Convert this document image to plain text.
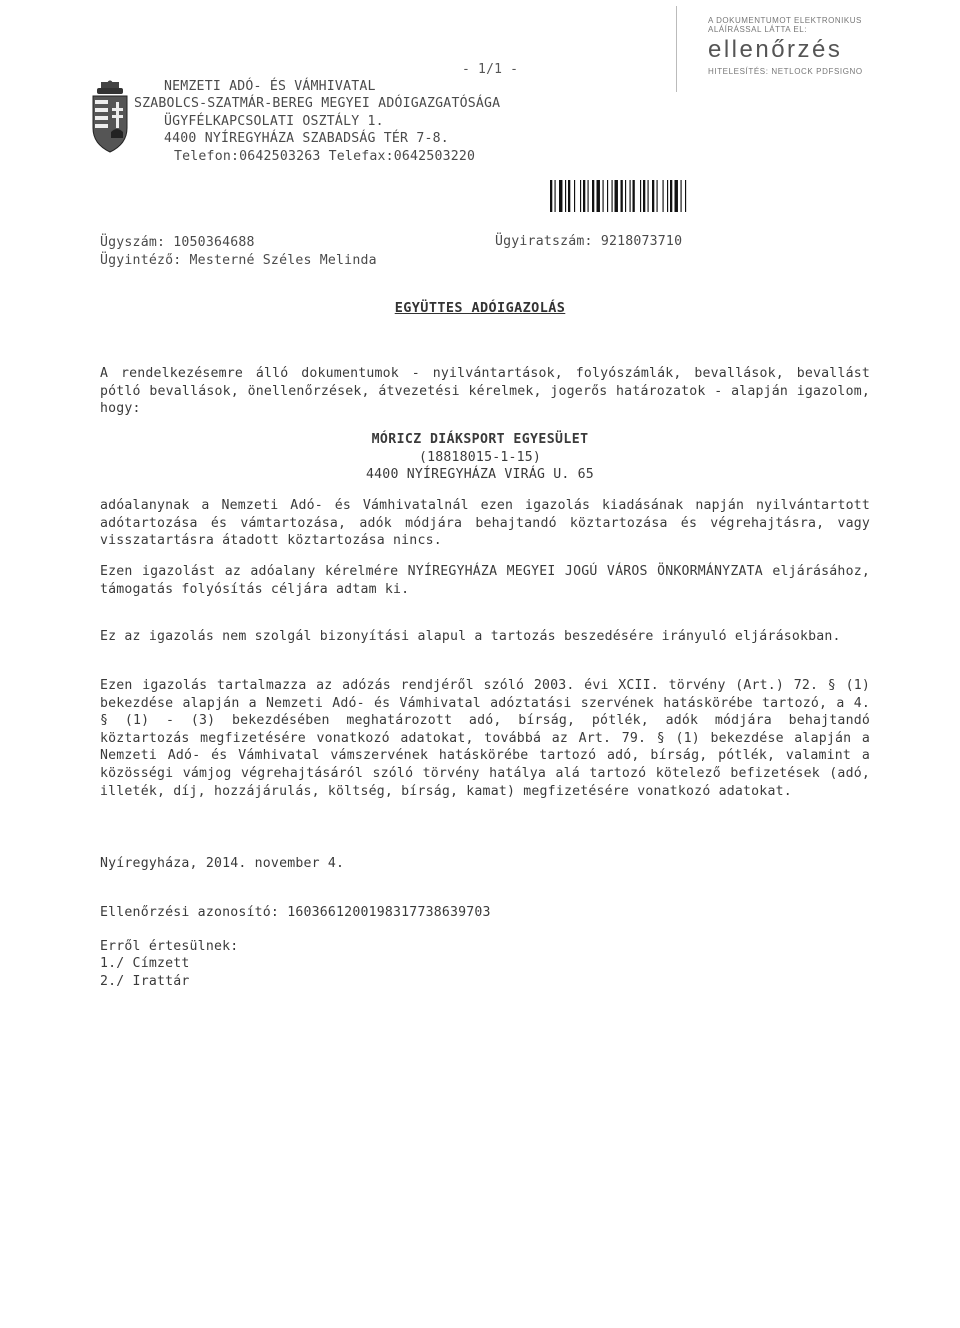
- 1/1 -
NEMZETI ADÓ- ÉS VÁMHIVATAL
SZABOLCS-SZATMÁR-BEREG MEGYEI ADÓIGAZGATÓSÁGA
ÜGYFÉLKAPCSOLATI OSZTÁLY 1.
4400 NYÍREGYHÁZA SZABADSÁG TÉR 7-8.
Telefon:0642503263 Telefax:0642503220
A DOKUMENTUMOT ELEKTRONIKUS
ALÁÍRÁSSAL LÁTTA EL:
ellenőrzés
HITELESÍTÉS: NETLOCK PDFSIGNO
Ügyszám: 1050364688
Ügyintéző: Mesterné Széles Melinda
Ügyiratszám: 9218073710
EGYÜTTES ADÓIGAZOLÁS
A rendelkezésemre álló dokumentumok - nyilvántartások, folyószámlák, bevallások, bevallást pótló bevallások, önellenőrzések, átvezetési kérelmek, jogerős határozatok - alapján igazolom, hogy:
MÓRICZ DIÁKSPORT EGYESÜLET
(18818015-1-15)
4400 NYÍREGYHÁZA VIRÁG U. 65
adóalanynak a Nemzeti Adó- és Vámhivatalnál ezen igazolás kiadásának napján nyilvántartott adótartozása és vámtartozása, adók módjára behajtandó köztartozása és végrehajtásra, vagy visszatartásra átadott köztartozása nincs.
Ezen igazolást az adóalany kérelmére NYÍREGYHÁZA MEGYEI JOGÚ VÁROS ÖNKORMÁNYZATA eljárásához, támogatás folyósítás céljára adtam ki.
Ez az igazolás nem szolgál bizonyítási alapul a tartozás beszedésére irányuló eljárásokban.
Ezen igazolás tartalmazza az adózás rendjéről szóló 2003. évi XCII. törvény (Art.) 72. § (1) bekezdése alapján a Nemzeti Adó- és Vámhivatal adóztatási szervének hatáskörébe tartozó, a 4. § (1) - (3) bekezdésében meghatározott adó, bírság, pótlék, adók módjára behajtandó köztartozás megfizetésére vonatkozó adatokat, továbbá az Art. 79. § (1) bekezdése alapján a Nemzeti Adó- és Vámhivatal vámszervének hatáskörébe tartozó adó, bírság, pótlék, valamint a közösségi vámjog végrehajtásáról szóló törvény hatálya alá tartozó kötelező befizetések (adó, illeték, díj, hozzájárulás, költség, bírság, kamat) megfizetésére vonatkozó adatokat.
Nyíregyháza, 2014. november 4.
Ellenőrzési azonosító: 160366120019831773863970З
Erről értesülnek:
1./ Címzett
2./ Irattár
